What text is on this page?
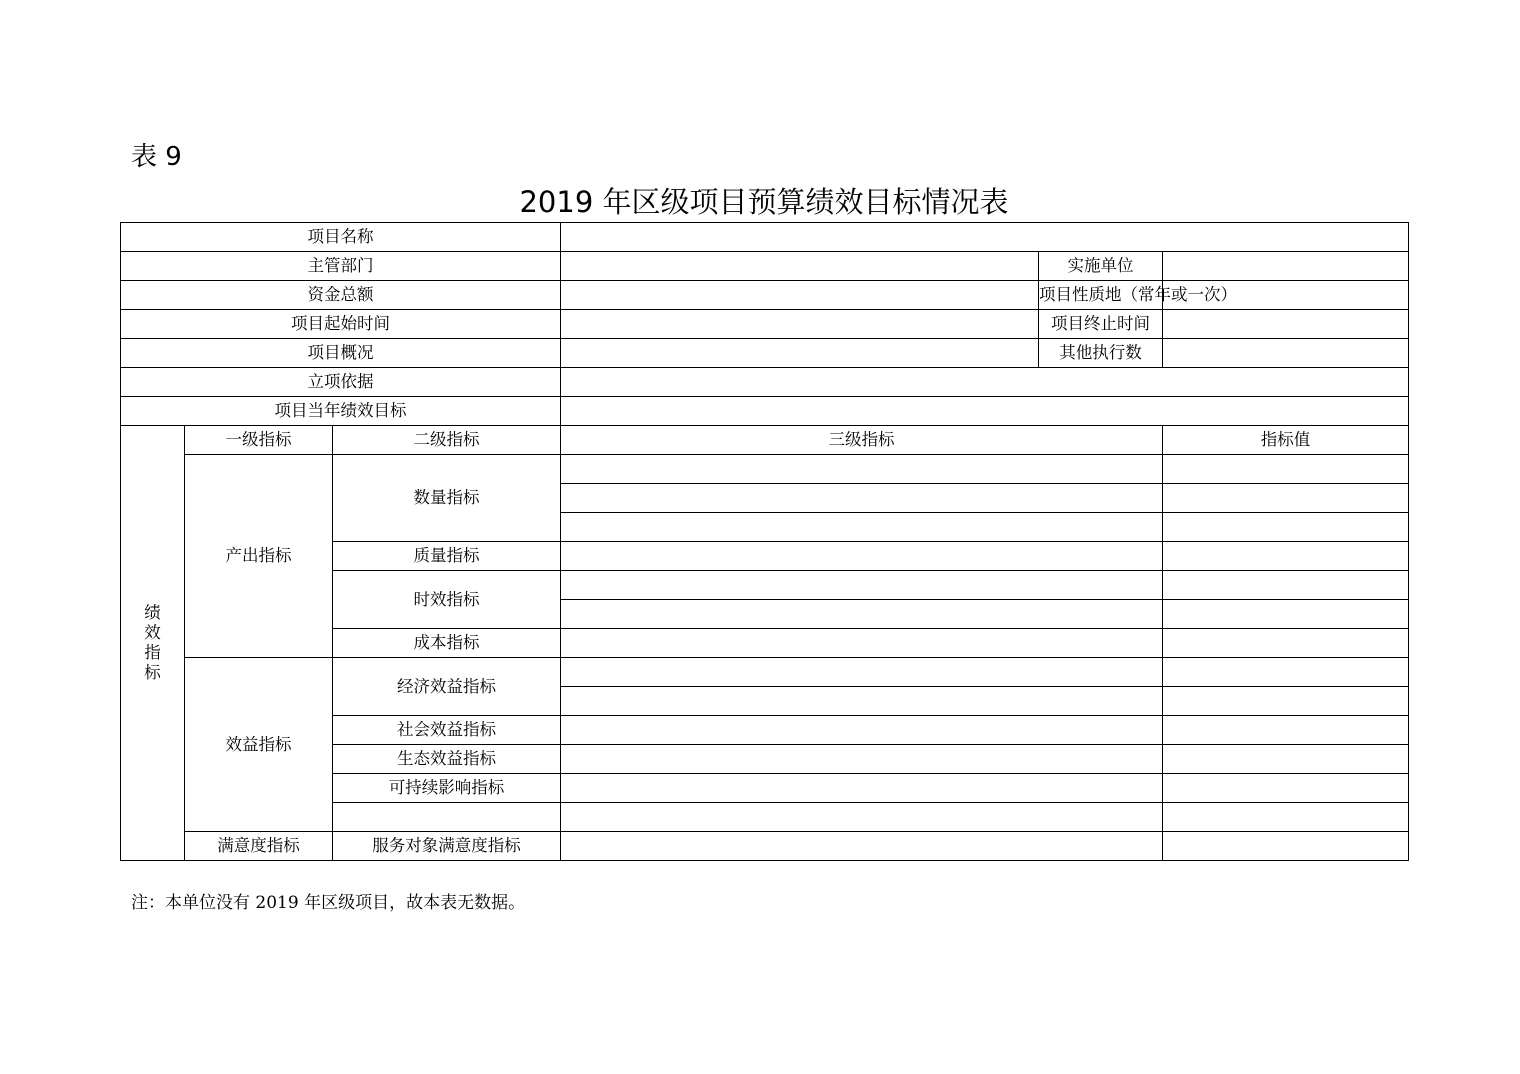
表 9
2019 年区级项目预算绩效目标情况表
项目名称					
主管部门				实施单位	
资金总额				项目性质地（常年或一次）	
项目起始时间				项目终止时间	
项目概况				其他执行数	
立项依据					
项目当年绩效目标					

绩
效
指
标	一级指标	二级指标	三级指标		指标值
	产出指标	数量指标			

		质量指标			
		时效指标			

		成本指标			
	效益指标	经济效益指标			

		社会效益指标			
		生态效益指标			
		可持续影响指标			

	满意度指标	服务对象满意度指标			
注：本单位没有 2019 年区级项目，故本表无数据。
